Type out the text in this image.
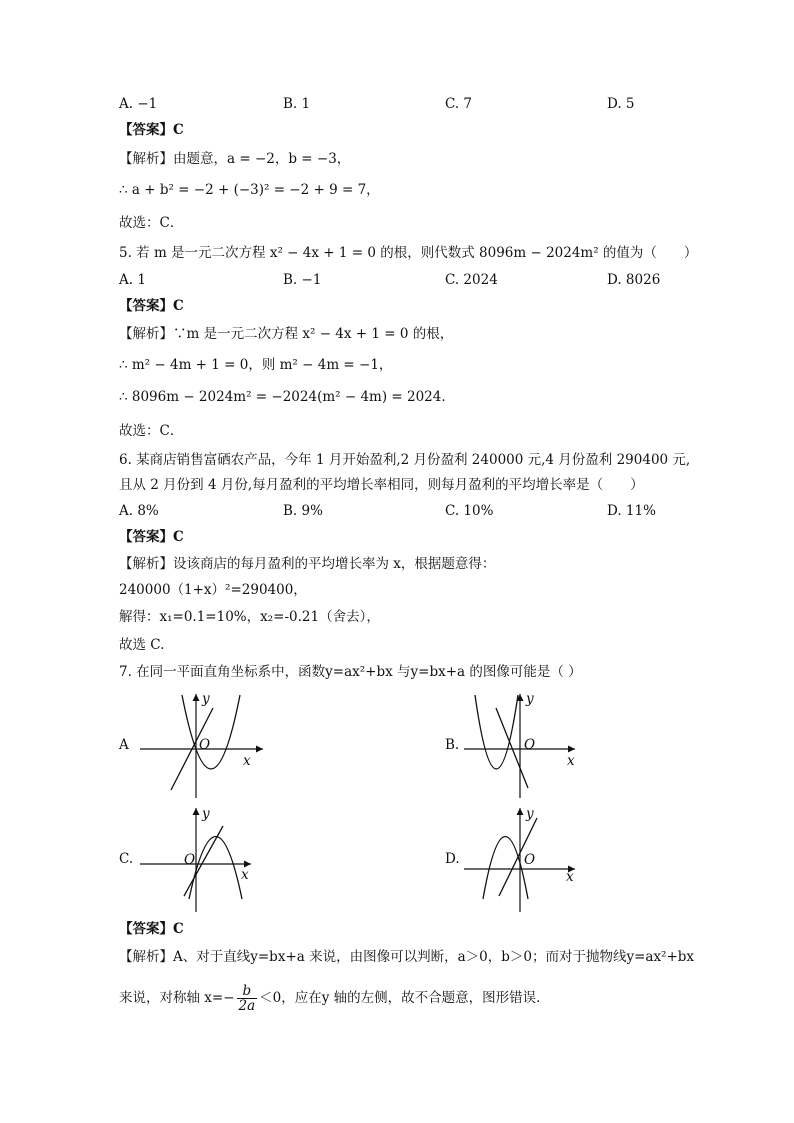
A. −1	B. 1	C. 7	D. 5
【答案】C
【解析】由题意，a = −2，b = −3，
∴ a + b² = −2 + (−3)² = −2 + 9 = 7，
故选：C．
5. 若 m 是一元二次方程 x² − 4x + 1 = 0 的根，则代数式 8096m − 2024m² 的值为（　　）
A. 1	B. −1	C. 2024	D. 8026
【答案】C
【解析】∵m 是一元二次方程 x² − 4x + 1 = 0 的根，
∴ m² − 4m + 1 = 0，则 m² − 4m = −1，
∴ 8096m − 2024m² = −2024(m² − 4m) = 2024．
故选：C．
6. 某商店销售富硒农产品，今年 1 月开始盈利,2 月份盈利 240000 元,4 月份盈利 290400 元,
且从 2 月份到 4 月份,每月盈利的平均增长率相同，则每月盈利的平均增长率是（　　）
A. 8%	B. 9%	C. 10%	D. 11%
【答案】C
【解析】设该商店的每月盈利的平均增长率为 x，根据题意得：
240000（1+x）²=290400，
解得：x₁=0.1=10%，x₂=-0.21（舍去），
故选 C.
7. 在同一平面直角坐标系中，函数y=ax²+bx 与y=bx+a 的图像可能是（ ）
A
y
O
x
B.
y
O
x
C.
y
O
x
D.
y
O
x
【答案】C
【解析】A、对于直线y=bx+a 来说，由图像可以判断，a＞0，b＞0；而对于抛物线y=ax²+bx
来说，对称轴 $x=- \frac{b}{2a} <0$，应在y 轴的左侧，故不合题意，图形错误．
